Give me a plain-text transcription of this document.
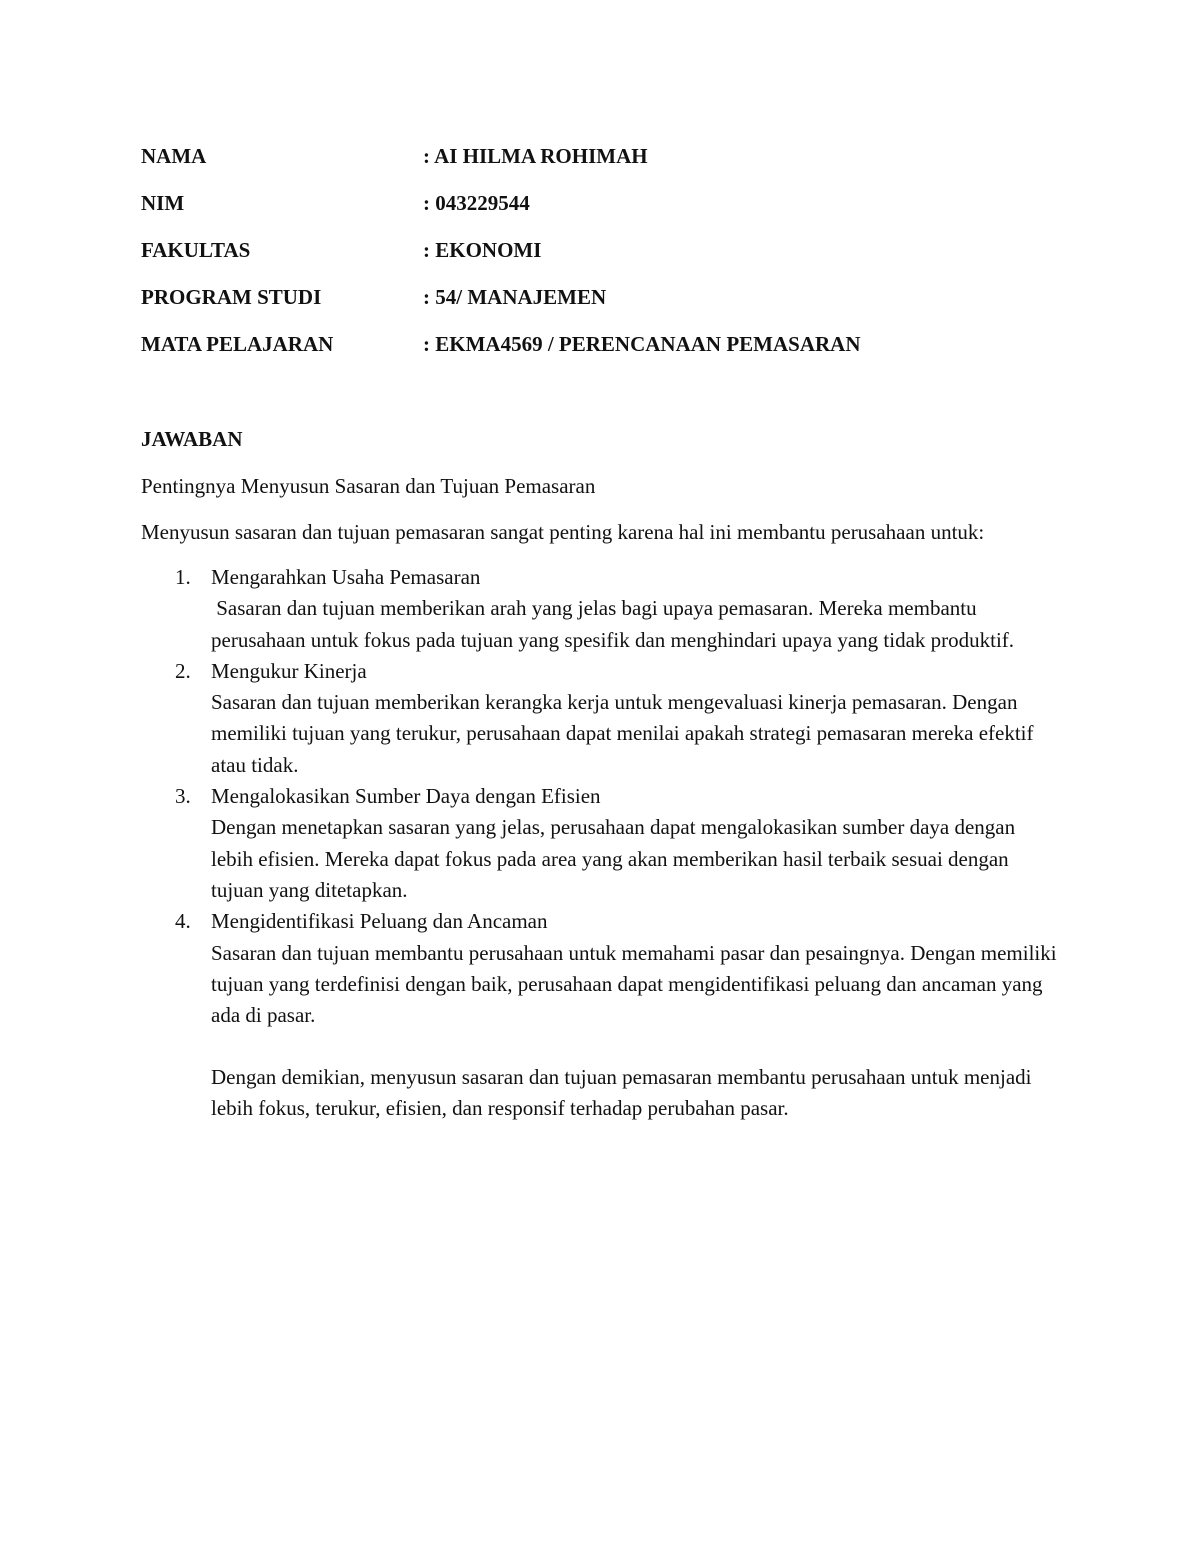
NAMA	: AI HILMA ROHIMAH
NIM	: 043229544
FAKULTAS	: EKONOMI
PROGRAM STUDI	: 54/ MANAJEMEN
MATA PELAJARAN	: EKMA4569 / PERENCANAAN PEMASARAN
JAWABAN
Pentingnya Menyusun Sasaran dan Tujuan Pemasaran
Menyusun sasaran dan tujuan pemasaran sangat penting karena hal ini membantu perusahaan untuk:
1. Mengarahkan Usaha Pemasaran
Sasaran dan tujuan memberikan arah yang jelas bagi upaya pemasaran. Mereka membantu perusahaan untuk fokus pada tujuan yang spesifik dan menghindari upaya yang tidak produktif.
2. Mengukur Kinerja
Sasaran dan tujuan memberikan kerangka kerja untuk mengevaluasi kinerja pemasaran. Dengan memiliki tujuan yang terukur, perusahaan dapat menilai apakah strategi pemasaran mereka efektif atau tidak.
3. Mengalokasikan Sumber Daya dengan Efisien
Dengan menetapkan sasaran yang jelas, perusahaan dapat mengalokasikan sumber daya dengan lebih efisien. Mereka dapat fokus pada area yang akan memberikan hasil terbaik sesuai dengan tujuan yang ditetapkan.
4. Mengidentifikasi Peluang dan Ancaman
Sasaran dan tujuan membantu perusahaan untuk memahami pasar dan pesaingnya. Dengan memiliki tujuan yang terdefinisi dengan baik, perusahaan dapat mengidentifikasi peluang dan ancaman yang ada di pasar.
Dengan demikian, menyusun sasaran dan tujuan pemasaran membantu perusahaan untuk menjadi lebih fokus, terukur, efisien, dan responsif terhadap perubahan pasar.
